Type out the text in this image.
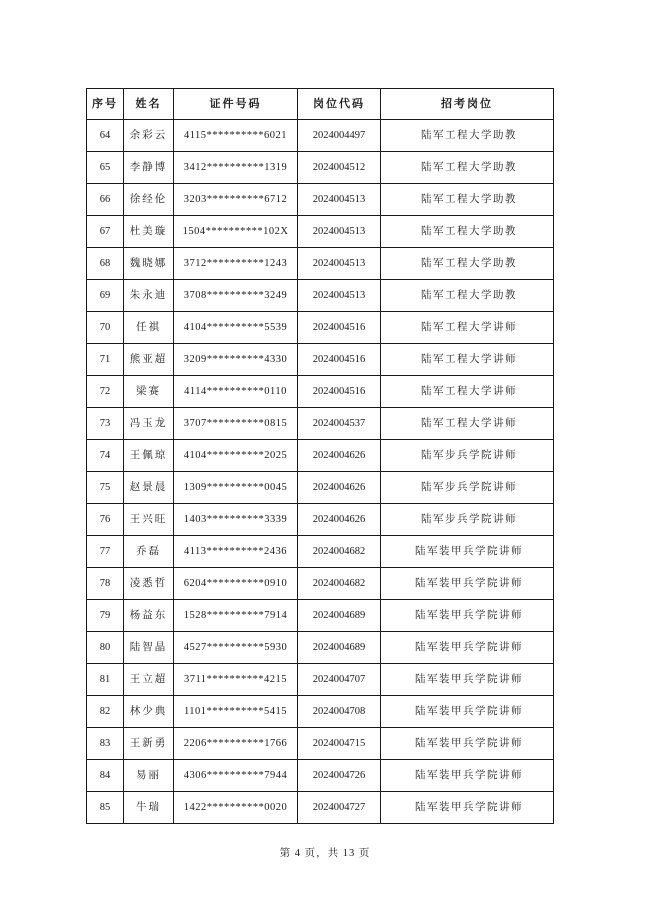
序号	姓名	证件号码	岗位代码	招考岗位
64	余彩云	4115**********6021	2024004497	陆军工程大学助教
65	李静博	3412**********1319	2024004512	陆军工程大学助教
66	徐经伦	3203**********6712	2024004513	陆军工程大学助教
67	杜美璇	1504**********102X	2024004513	陆军工程大学助教
68	魏晓娜	3712**********1243	2024004513	陆军工程大学助教
69	朱永迪	3708**********3249	2024004513	陆军工程大学助教
70	任祺	4104**********5539	2024004516	陆军工程大学讲师
71	熊亚超	3209**********4330	2024004516	陆军工程大学讲师
72	梁赛	4114**********0110	2024004516	陆军工程大学讲师
73	冯玉龙	3707**********0815	2024004537	陆军工程大学讲师
74	王佩琼	4104**********2025	2024004626	陆军步兵学院讲师
75	赵景晨	1309**********0045	2024004626	陆军步兵学院讲师
76	王兴旺	1403**********3339	2024004626	陆军步兵学院讲师
77	乔磊	4113**********2436	2024004682	陆军装甲兵学院讲师
78	凌悉哲	6204**********0910	2024004682	陆军装甲兵学院讲师
79	杨益东	1528**********7914	2024004689	陆军装甲兵学院讲师
80	陆智晶	4527**********5930	2024004689	陆军装甲兵学院讲师
81	王立超	3711**********4215	2024004707	陆军装甲兵学院讲师
82	林少典	1101**********5415	2024004708	陆军装甲兵学院讲师
83	王新勇	2206**********1766	2024004715	陆军装甲兵学院讲师
84	易丽	4306**********7944	2024004726	陆军装甲兵学院讲师
85	牛瑞	1422**********0020	2024004727	陆军装甲兵学院讲师
第 4 页，共 13 页
